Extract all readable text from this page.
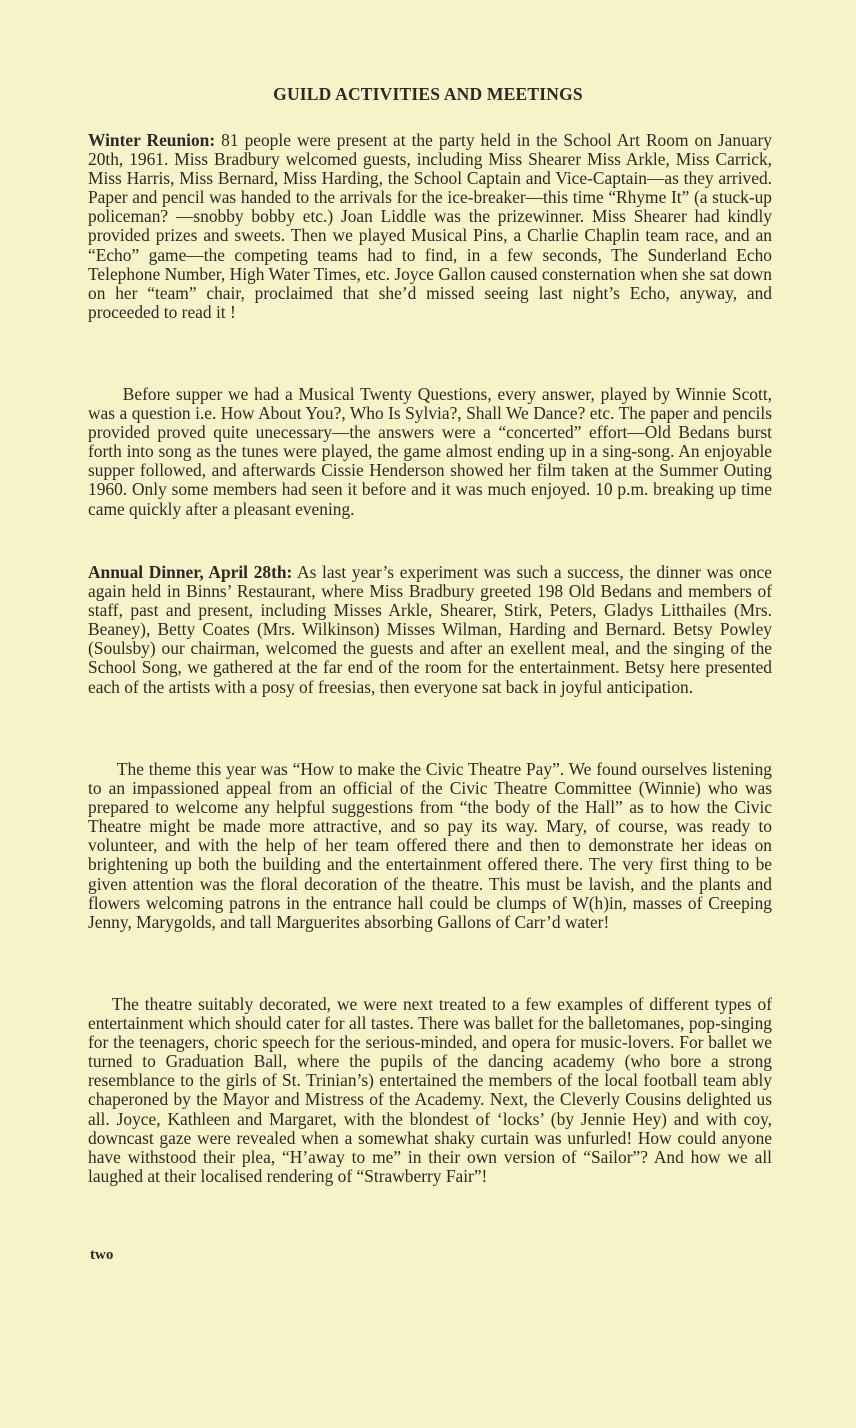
GUILD ACTIVITIES AND MEETINGS

Winter Reunion: 81 people were present at the party held in the School Art Room on January 20th, 1961. Miss Bradbury welcomed guests, including Miss Shearer Miss Arkle, Miss Carrick, Miss Harris, Miss Bernard, Miss Harding, the School Captain and Vice-Captain—as they arrived. Paper and pencil was handed to the arrivals for the ice-breaker—this time “Rhyme It” (a stuck-up policeman? —snobby bobby etc.) Joan Liddle was the prizewinner. Miss Shearer had kindly provided prizes and sweets. Then we played Musical Pins, a Charlie Chaplin team race, and an “Echo” game—the competing teams had to find, in a few seconds, The Sunderland Echo Telephone Number, High Water Times, etc. Joyce Gallon caused consternation when she sat down on her “team” chair, proclaimed that she’d missed seeing last night’s Echo, anyway, and proceeded to read it !

Before supper we had a Musical Twenty Questions, every answer, played by Winnie Scott, was a question i.e. How About You?, Who Is Sylvia?, Shall We Dance? etc. The paper and pencils provided proved quite unecessary—the answers were a “concerted” effort—Old Bedans burst forth into song as the tunes were played, the game almost ending up in a sing-song. An enjoyable supper followed, and afterwards Cissie Henderson showed her film taken at the Summer Outing 1960. Only some members had seen it before and it was much enjoyed. 10 p.m. breaking up time came quickly after a pleasant evening.

Annual Dinner, April 28th: As last year’s experiment was such a success, the dinner was once again held in Binns’ Restaurant, where Miss Bradbury greeted 198 Old Bedans and members of staff, past and present, including Misses Arkle, Shearer, Stirk, Peters, Gladys Litthailes (Mrs. Beaney), Betty Coates (Mrs. Wilkinson) Misses Wilman, Harding and Bernard. Betsy Powley (Soulsby) our chairman, welcomed the guests and after an exellent meal, and the singing of the School Song, we gathered at the far end of the room for the entertainment. Betsy here presented each of the artists with a posy of freesias, then everyone sat back in joyful anticipation.

The theme this year was “How to make the Civic Theatre Pay”. We found ourselves listening to an impassioned appeal from an official of the Civic Theatre Committee (Winnie) who was prepared to welcome any helpful suggestions from “the body of the Hall” as to how the Civic Theatre might be made more attractive, and so pay its way. Mary, of course, was ready to volunteer, and with the help of her team offered there and then to demonstrate her ideas on brightening up both the building and the entertainment offered there. The very first thing to be given attention was the floral decoration of the theatre. This must be lavish, and the plants and flowers welcoming patrons in the entrance hall could be clumps of W(h)in, masses of Creeping Jenny, Marygolds, and tall Marguerites absorbing Gallons of Carr’d water!

The theatre suitably decorated, we were next treated to a few examples of different types of entertainment which should cater for all tastes. There was ballet for the balletomanes, pop-singing for the teenagers, choric speech for the serious-minded, and opera for music-lovers. For ballet we turned to Graduation Ball, where the pupils of the dancing academy (who bore a strong resemblance to the girls of St. Trinian’s) entertained the members of the local football team ably chaperoned by the Mayor and Mistress of the Academy. Next, the Cleverly Cousins delighted us all. Joyce, Kathleen and Margaret, with the blondest of ‘locks’ (by Jennie Hey) and with coy, downcast gaze were revealed when a somewhat shaky curtain was unfurled! How could anyone have withstood their plea, “H’away to me” in their own version of “Sailor”? And how we all laughed at their localised rendering of “Strawberry Fair”!

two
